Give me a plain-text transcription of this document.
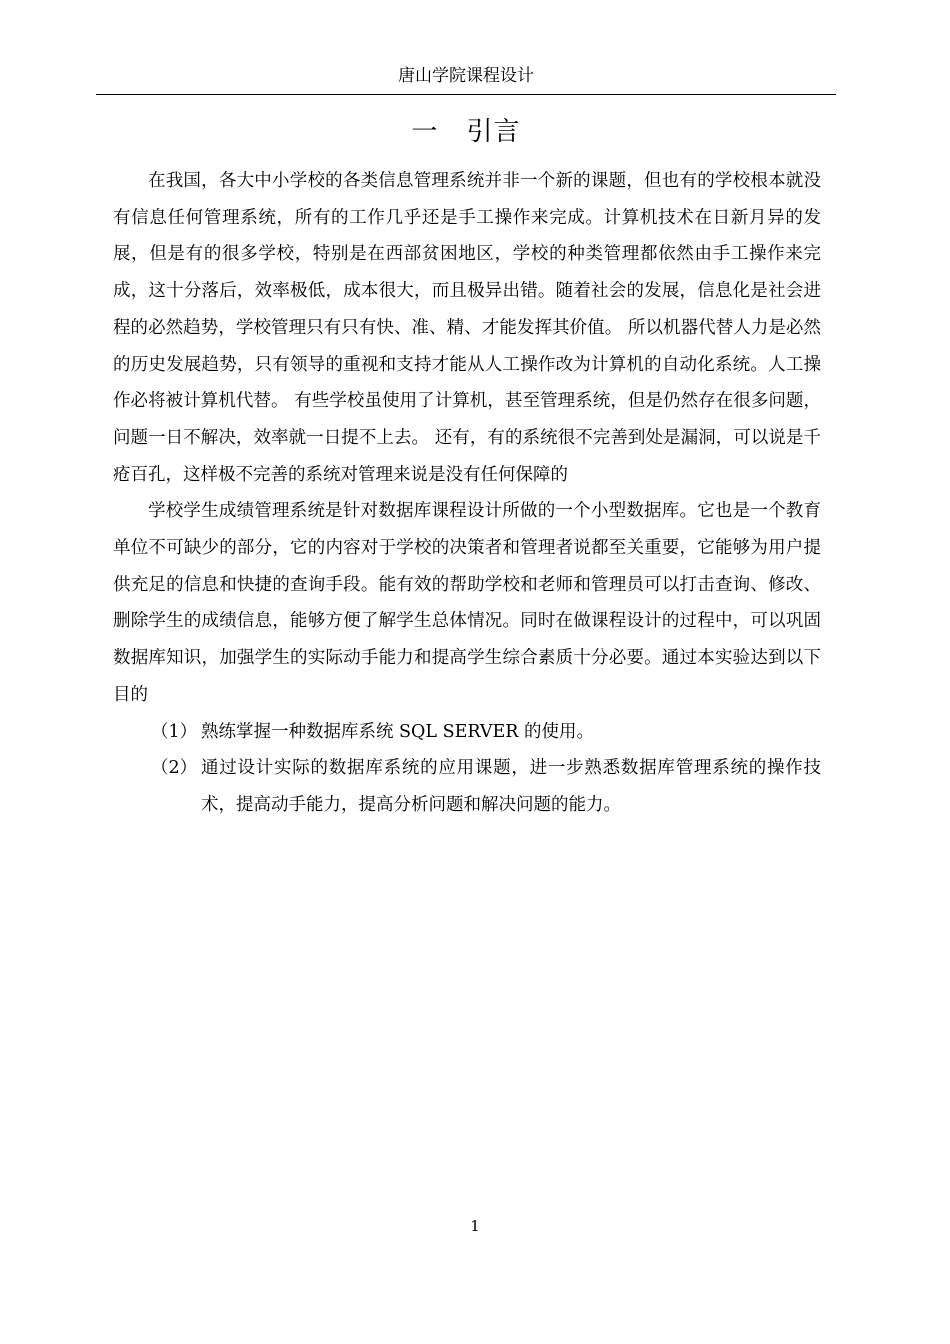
唐山学院课程设计
一 引言

在我国，各大中小学校的各类信息管理系统并非一个新的课题，但也有的学校根本就没有信息任何管理系统，所有的工作几乎还是手工操作来完成。计算机技术在日新月异的发展，但是有的很多学校，特别是在西部贫困地区，学校的种类管理都依然由手工操作来完成，这十分落后，效率极低，成本很大，而且极异出错。随着社会的发展，信息化是社会进程的必然趋势，学校管理只有只有快、准、精、才能发挥其价值。 所以机器代替人力是必然的历史发展趋势，只有领导的重视和支持才能从人工操作改为计算机的自动化系统。人工操作必将被计算机代替。 有些学校虽使用了计算机，甚至管理系统，但是仍然存在很多问题，问题一日不解决，效率就一日提不上去。 还有，有的系统很不完善到处是漏洞，可以说是千疮百孔，这样极不完善的系统对管理来说是没有任何保障的

学校学生成绩管理系统是针对数据库课程设计所做的一个小型数据库。它也是一个教育单位不可缺少的部分，它的内容对于学校的决策者和管理者说都至关重要，它能够为用户提供充足的信息和快捷的查询手段。能有效的帮助学校和老师和管理员可以打击查询、修改、删除学生的成绩信息，能够方便了解学生总体情况。同时在做课程设计的过程中，可以巩固数据库知识，加强学生的实际动手能力和提高学生综合素质十分必要。通过本实验达到以下目的

（1） 熟练掌握一种数据库系统 SQL SERVER 的使用。
（2） 通过设计实际的数据库系统的应用课题，进一步熟悉数据库管理系统的操作技术，提高动手能力，提高分析问题和解决问题的能力。
1
